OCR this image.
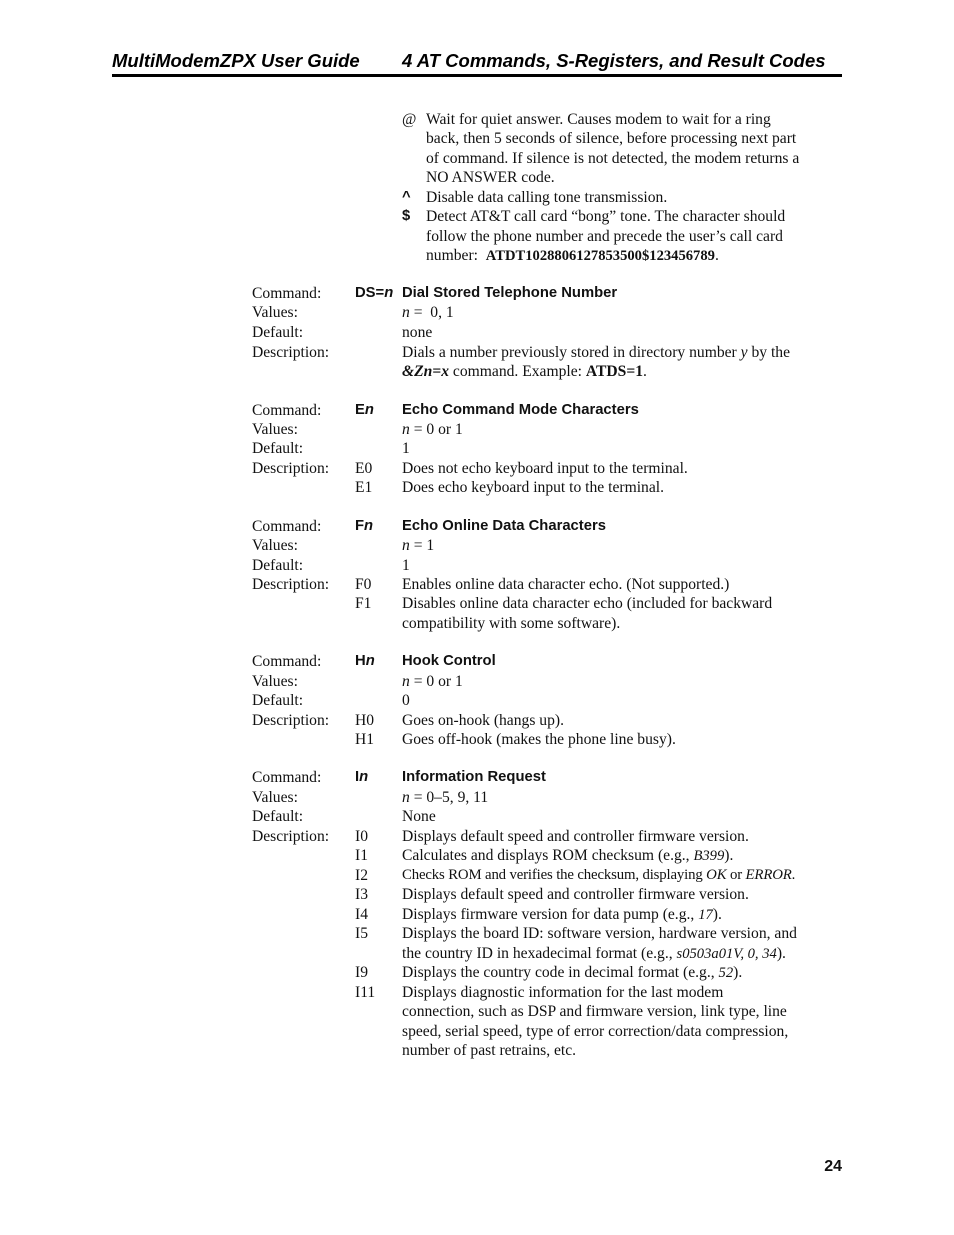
MultiModemZPX User Guide 4 AT Commands, S-Registers, and Result Codes
@ Wait for quiet answer. Causes modem to wait for a ring
back, then 5 seconds of silence, before processing next part
of command. If silence is not detected, the modem returns a
NO ANSWER code.
^ Disable data calling tone transmission.
$ Detect AT&T call card “bong” tone. The character should
follow the phone number and precede the user’s call card
number:  ATDT1028806127853500$123456789.
Command: DS=n Dial Stored Telephone Number
Values:	n =  0, 1
Default:	none
Description:	Dials a number previously stored in directory number y by the
&Zn=x command. Example: ATDS=1.
Command: En Echo Command Mode Characters
Values:	n = 0 or 1
Default:	1
Description: E0 Does not echo keyboard input to the terminal.
E1 Does echo keyboard input to the terminal.
Command: Fn Echo Online Data Characters
Values:	n = 1
Default:	1
Description: F0 Enables online data character echo. (Not supported.)
F1 Disables online data character echo (included for backward
compatibility with some software).
Command: Hn Hook Control
Values:	n = 0 or 1
Default:	0
Description: H0 Goes on-hook (hangs up).
H1 Goes off-hook (makes the phone line busy).
Command: In Information Request
Values:	n = 0–5, 9, 11
Default:	None
Description: I0 Displays default speed and controller firmware version.
I1 Calculates and displays ROM checksum (e.g., B399).
I2 Checks ROM and verifies the checksum, displaying OK or ERROR.
I3 Displays default speed and controller firmware version.
I4 Displays firmware version for data pump (e.g., 17).
I5 Displays the board ID: software version, hardware version, and
the country ID in hexadecimal format (e.g., s0503a01V, 0, 34).
I9 Displays the country code in decimal format (e.g., 52).
I11 Displays diagnostic information for the last modem
connection, such as DSP and firmware version, link type, line
speed, serial speed, type of error correction/data compression,
number of past retrains, etc.
24
